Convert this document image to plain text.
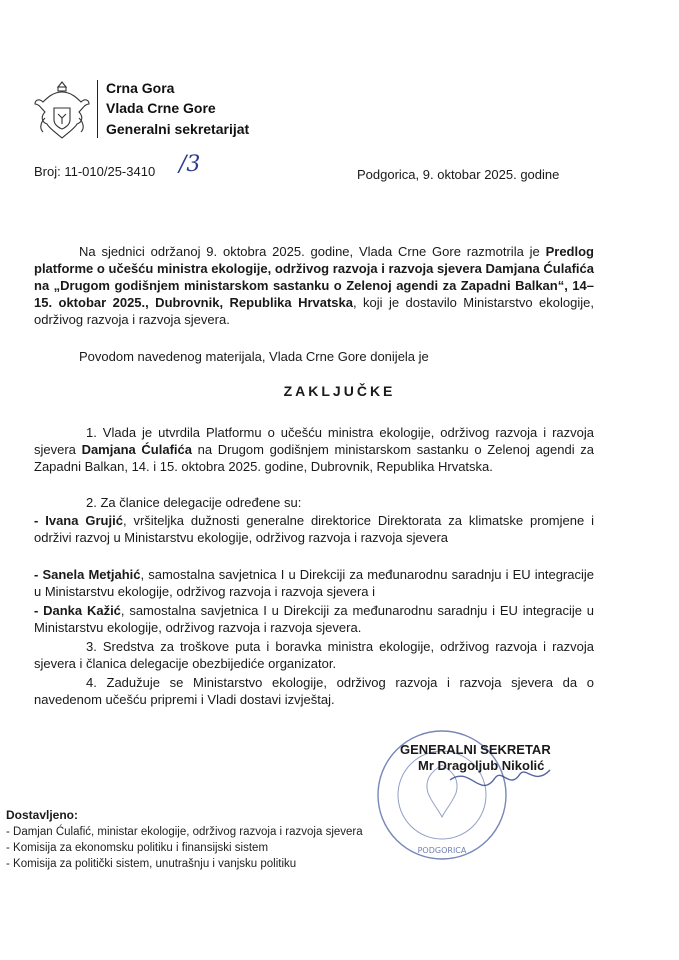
Crna Gora
Vlada Crne Gore
Generalni sekretarijat
Broj: 11-010/25-3410 /3	Podgorica, 9. oktobar 2025. godine
Na sjednici održanoj 9. oktobra 2025. godine, Vlada Crne Gore razmotrila je Predlog platforme o učešću ministra ekologije, održivog razvoja i razvoja sjevera Damjana Ćulafića na „Drugom godišnjem ministarskom sastanku o Zelenoj agendi za Zapadni Balkan“, 14–15. oktobar 2025., Dubrovnik, Republika Hrvatska, koji je dostavilo Ministarstvo ekologije, održivog razvoja i razvoja sjevera.
Povodom navedenog materijala, Vlada Crne Gore donijela je
ZAKLJUČKE
1. Vlada je utvrdila Platformu o učešću ministra ekologije, održivog razvoja i razvoja sjevera Damjana Ćulafića na Drugom godišnjem ministarskom sastanku o Zelenoj agendi za Zapadni Balkan, 14. i 15. oktobra 2025. godine, Dubrovnik, Republika Hrvatska.
2. Za članice delegacije određene su:
- Ivana Grujić, vršiteljka dužnosti generalne direktorice Direktorata za klimatske promjene i održivi razvoj u Ministarstvu ekologije, održivog razvoja i razvoja sjevera
- Sanela Metjahić, samostalna savjetnica I u Direkciji za međunarodnu saradnju i EU integracije u Ministarstvu ekologije, održivog razvoja i razvoja sjevera i
- Danka Kažić, samostalna savjetnica I u Direkciji za međunarodnu saradnju i EU integracije u Ministarstvu ekologije, održivog razvoja i razvoja sjevera.
3. Sredstva za troškove puta i boravka ministra ekologije, održivog razvoja i razvoja sjevera i članica delegacije obezbijediće organizator.
4. Zadužuje se Ministarstvo ekologije, održivog razvoja i razvoja sjevera da o navedenom učešću pripremi i Vladi dostavi izvještaj.
PODGORICA
GENERALNI SEKRETAR
Mr Dragoljub Nikolić
Dostavljeno:
- Damjan Ćulafić, ministar ekologije, održivog razvoja i razvoja sjevera
- Komisija za ekonomsku politiku i finansijski sistem
- Komisija za politički sistem, unutrašnju i vanjsku politiku
